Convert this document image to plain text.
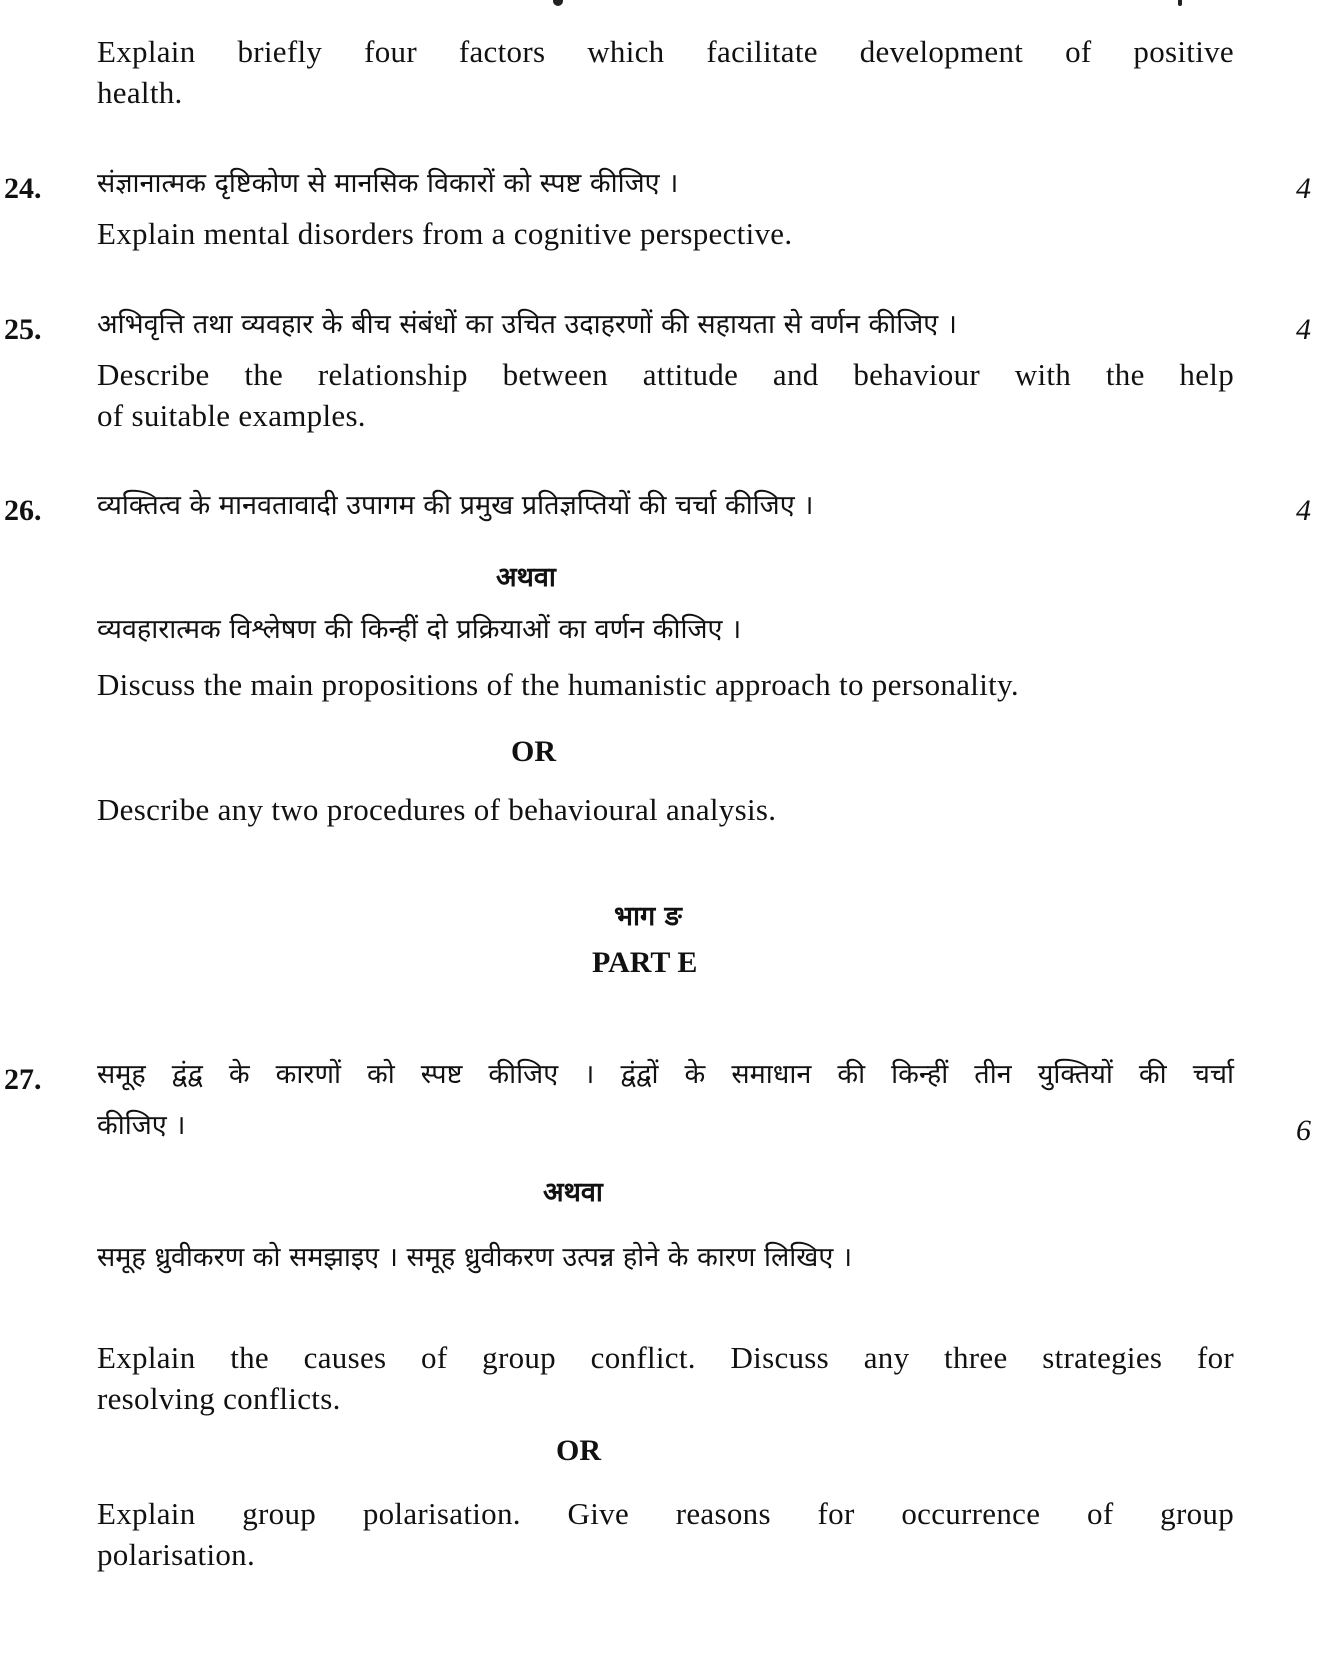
Explain briefly four factors which facilitate development of positive
health.
24. संज्ञानात्मक दृष्टिकोण से मानसिक विकारों को स्पष्ट कीजिए ।	4
Explain mental disorders from a cognitive perspective.
25. अभिवृत्ति तथा व्यवहार के बीच संबंधों का उचित उदाहरणों की सहायता से वर्णन कीजिए ।	4
Describe the relationship between attitude and behaviour with the help
of suitable examples.
26. व्यक्तित्व के मानवतावादी उपागम की प्रमुख प्रतिज्ञप्तियों की चर्चा कीजिए ।	4
अथवा
व्यवहारात्मक विश्लेषण की किन्हीं दो प्रक्रियाओं का वर्णन कीजिए ।
Discuss the main propositions of the humanistic approach to personality.
OR
Describe any two procedures of behavioural analysis.
भाग ङ
PART E
27. समूह द्वंद्व के कारणों को स्पष्ट कीजिए । द्वंद्वों के समाधान की किन्हीं तीन युक्तियों की चर्चा
कीजिए ।	6
अथवा
समूह ध्रुवीकरण को समझाइए । समूह ध्रुवीकरण उत्पन्न होने के कारण लिखिए ।
Explain the causes of group conflict. Discuss any three strategies for
resolving conflicts.
OR
Explain group polarisation. Give reasons for occurrence of group
polarisation.
